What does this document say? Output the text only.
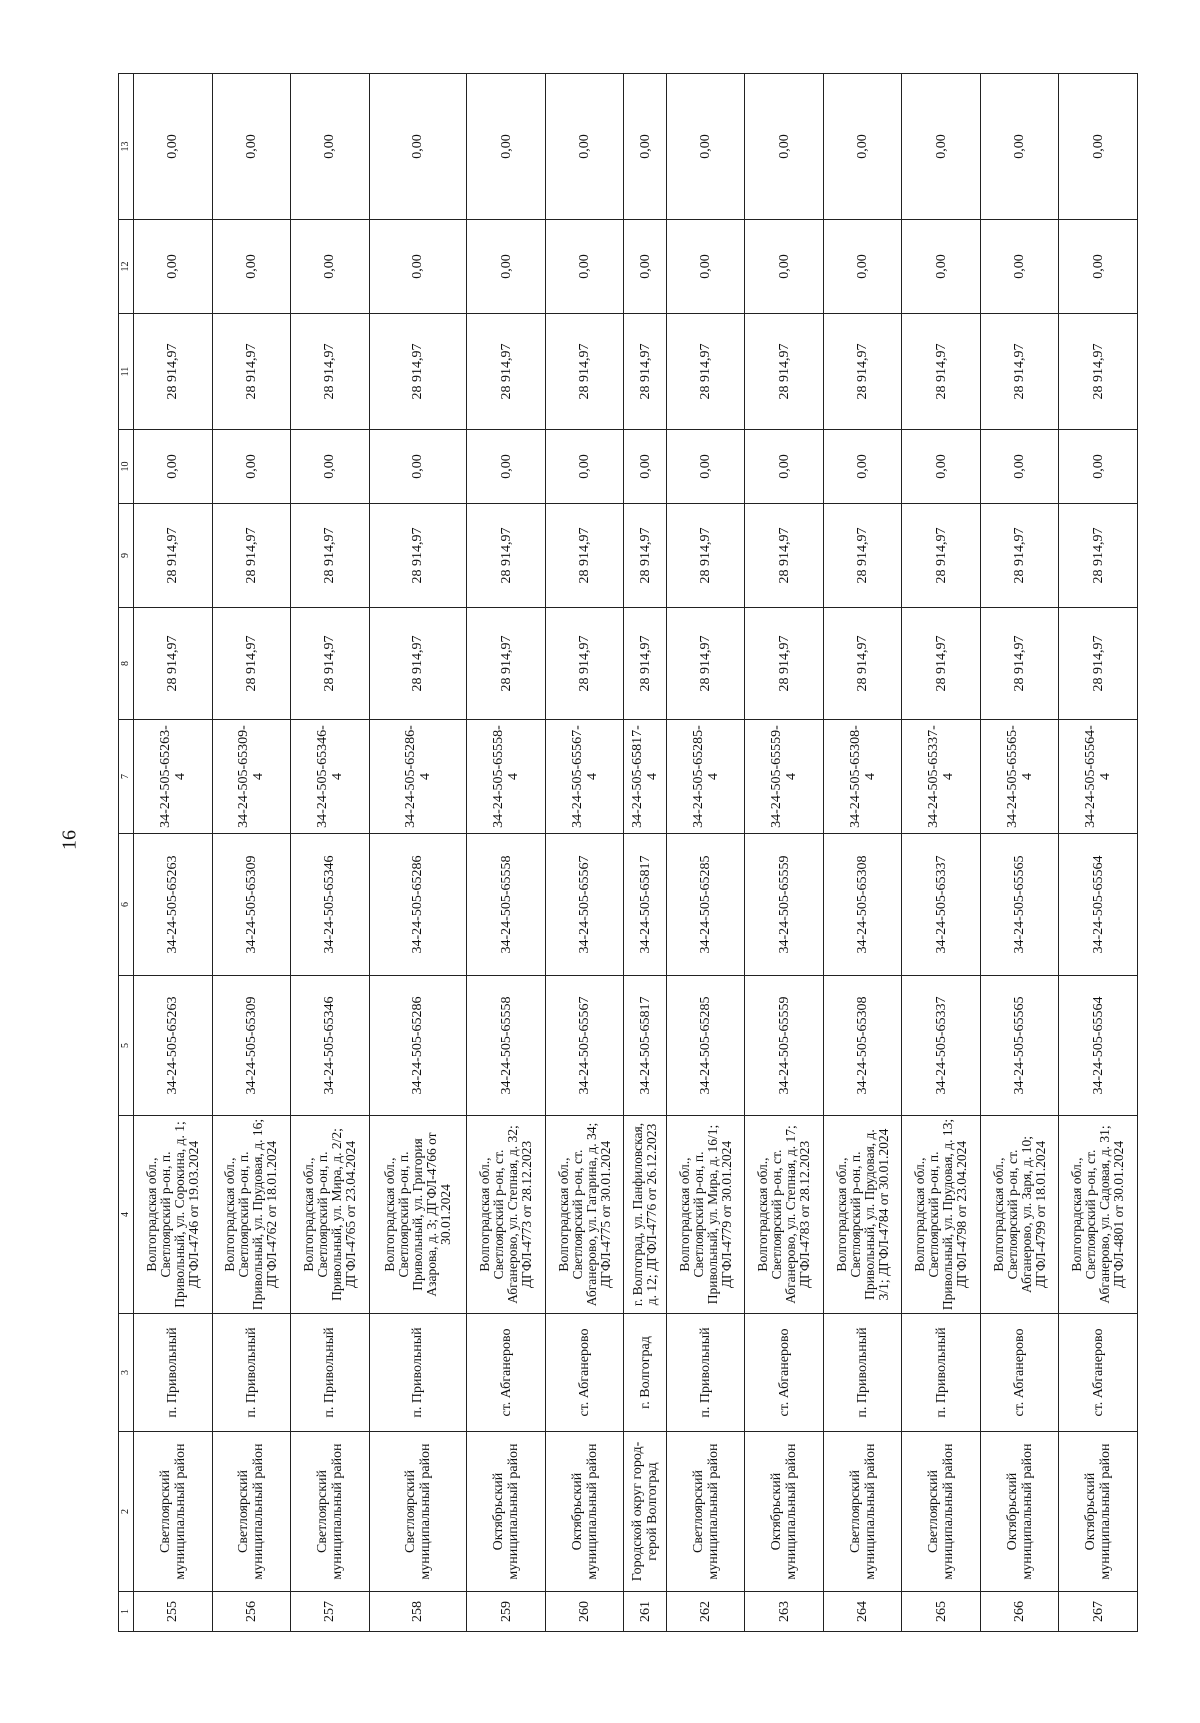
16
1	2	3	4	5	6	7	8	9	10	11	12	13
255	Светлоярский муниципальный район	п. Привольный	Волгоградская обл., Светлоярский р-он, п. Привольный, ул. Сорокина, д. 1; ДГФЛ-4746 от 19.03.2024	34-24-505-65263	34-24-505-65263	34-24-505-65263-4	28 914,97	28 914,97	0,00	28 914,97	0,00	0,00
256	Светлоярский муниципальный район	п. Привольный	Волгоградская обл., Светлоярский р-он, п. Привольный, ул. Прудовая, д. 16; ДГФЛ-4762 от 18.01.2024	34-24-505-65309	34-24-505-65309	34-24-505-65309-4	28 914,97	28 914,97	0,00	28 914,97	0,00	0,00
257	Светлоярский муниципальный район	п. Привольный	Волгоградская обл., Светлоярский р-он, п. Привольный, ул. Мира, д. 2/2; ДГФЛ-4765 от 23.04.2024	34-24-505-65346	34-24-505-65346	34-24-505-65346-4	28 914,97	28 914,97	0,00	28 914,97	0,00	0,00
258	Светлоярский муниципальный район	п. Привольный	Волгоградская обл., Светлоярский р-он, п. Привольный, ул. Григория Азарова, д. 3; ДГФЛ-4766 от 30.01.2024	34-24-505-65286	34-24-505-65286	34-24-505-65286-4	28 914,97	28 914,97	0,00	28 914,97	0,00	0,00
259	Октябрьский муниципальный район	ст. Абганерово	Волгоградская обл., Светлоярский р-он, ст. Абганерово, ул. Степная, д. 32; ДГФЛ-4773 от 28.12.2023	34-24-505-65558	34-24-505-65558	34-24-505-65558-4	28 914,97	28 914,97	0,00	28 914,97	0,00	0,00
260	Октябрьский муниципальный район	ст. Абганерово	Волгоградская обл., Светлоярский р-он, ст. Абганерово, ул. Гагарина, д. 34; ДГФЛ-4775 от 30.01.2024	34-24-505-65567	34-24-505-65567	34-24-505-65567-4	28 914,97	28 914,97	0,00	28 914,97	0,00	0,00
261	Городской округ город-герой Волгоград	г. Волгоград	г. Волгоград, ул. Панфиловская, д. 12; ДГФЛ-4776 от 26.12.2023	34-24-505-65817	34-24-505-65817	34-24-505-65817-4	28 914,97	28 914,97	0,00	28 914,97	0,00	0,00
262	Светлоярский муниципальный район	п. Привольный	Волгоградская обл., Светлоярский р-он, п. Привольный, ул. Мира, д. 16/1; ДГФЛ-4779 от 30.01.2024	34-24-505-65285	34-24-505-65285	34-24-505-65285-4	28 914,97	28 914,97	0,00	28 914,97	0,00	0,00
263	Октябрьский муниципальный район	ст. Абганерово	Волгоградская обл., Светлоярский р-он, ст. Абганерово, ул. Степная, д. 17; ДГФЛ-4783 от 28.12.2023	34-24-505-65559	34-24-505-65559	34-24-505-65559-4	28 914,97	28 914,97	0,00	28 914,97	0,00	0,00
264	Светлоярский муниципальный район	п. Привольный	Волгоградская обл., Светлоярский р-он, п. Привольный, ул. Прудовая, д. 3/1; ДГФЛ-4784 от 30.01.2024	34-24-505-65308	34-24-505-65308	34-24-505-65308-4	28 914,97	28 914,97	0,00	28 914,97	0,00	0,00
265	Светлоярский муниципальный район	п. Привольный	Волгоградская обл., Светлоярский р-он, п. Привольный, ул. Прудовая, д. 13; ДГФЛ-4798 от 23.04.2024	34-24-505-65337	34-24-505-65337	34-24-505-65337-4	28 914,97	28 914,97	0,00	28 914,97	0,00	0,00
266	Октябрьский муниципальный район	ст. Абганерово	Волгоградская обл., Светлоярский р-он, ст. Абганерово, ул. Заря, д. 10; ДГФЛ-4799 от 18.01.2024	34-24-505-65565	34-24-505-65565	34-24-505-65565-4	28 914,97	28 914,97	0,00	28 914,97	0,00	0,00
267	Октябрьский муниципальный район	ст. Абганерово	Волгоградская обл., Светлоярский р-он, ст. Абганерово, ул. Садовая, д. 31; ДГФЛ-4801 от 30.01.2024	34-24-505-65564	34-24-505-65564	34-24-505-65564-4	28 914,97	28 914,97	0,00	28 914,97	0,00	0,00
